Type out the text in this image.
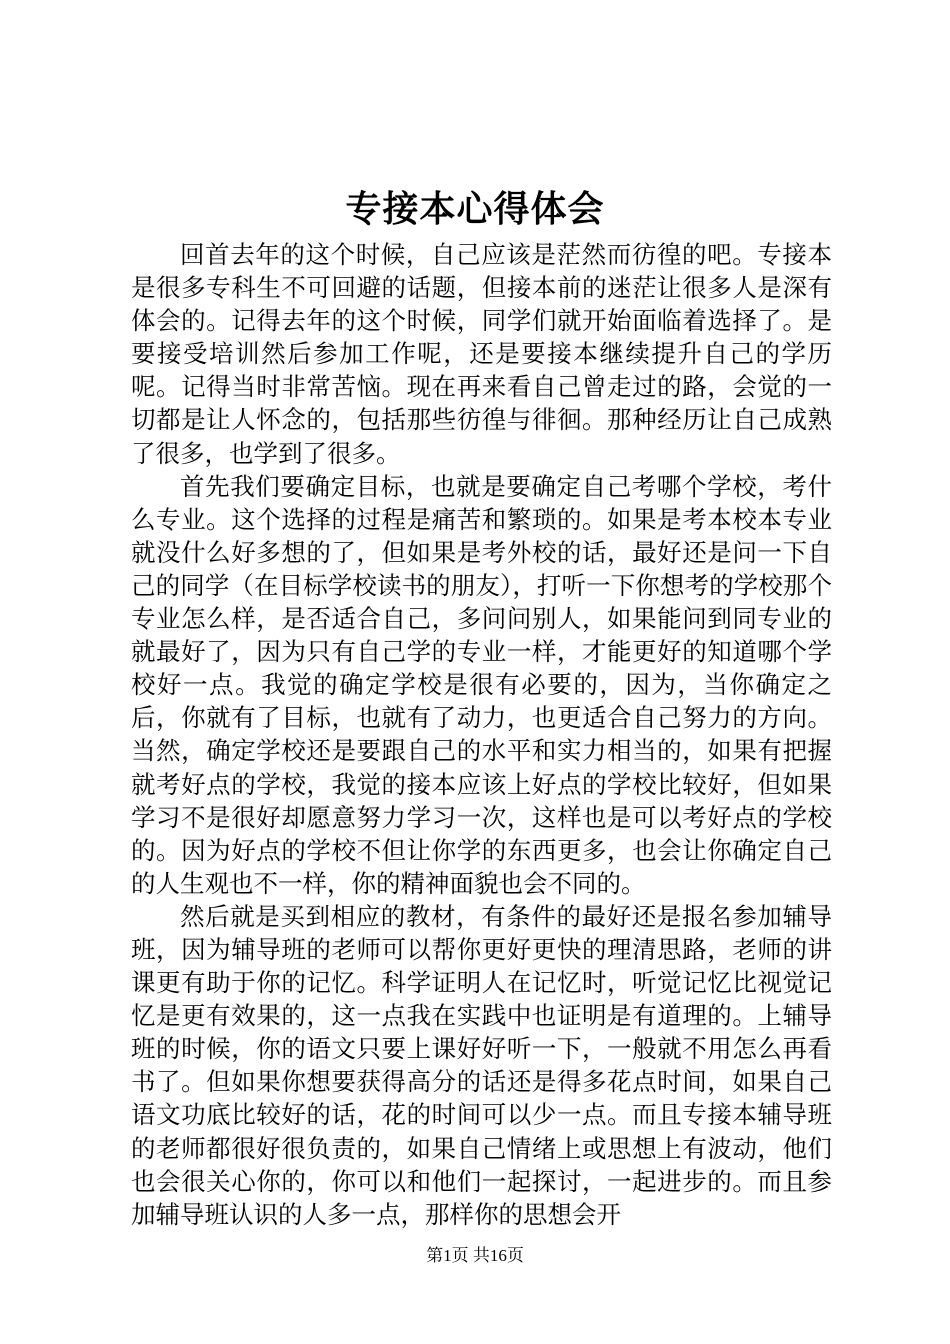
专接本心得体会

回首去年的这个时候，自己应该是茫然而彷徨的吧。专接本是很多专科生不可回避的话题，但接本前的迷茫让很多人是深有体会的。记得去年的这个时候，同学们就开始面临着选择了。是要接受培训然后参加工作呢，还是要接本继续提升自己的学历呢。记得当时非常苦恼。现在再来看自己曾走过的路，会觉的一切都是让人怀念的，包括那些彷徨与徘徊。那种经历让自己成熟了很多，也学到了很多。

首先我们要确定目标，也就是要确定自己考哪个学校，考什么专业。这个选择的过程是痛苦和繁琐的。如果是考本校本专业就没什么好多想的了，但如果是考外校的话，最好还是问一下自己的同学（在目标学校读书的朋友），打听一下你想考的学校那个专业怎么样，是否适合自己，多问问别人，如果能问到同专业的就最好了，因为只有自己学的专业一样，才能更好的知道哪个学校好一点。我觉的确定学校是很有必要的，因为，当你确定之后，你就有了目标，也就有了动力，也更适合自己努力的方向。当然，确定学校还是要跟自己的水平和实力相当的，如果有把握就考好点的学校，我觉的接本应该上好点的学校比较好，但如果学习不是很好却愿意努力学习一次，这样也是可以考好点的学校的。因为好点的学校不但让你学的东西更多，也会让你确定自己的人生观也不一样，你的精神面貌也会不同的。

然后就是买到相应的教材，有条件的最好还是报名参加辅导班，因为辅导班的老师可以帮你更好更快的理清思路，老师的讲课更有助于你的记忆。科学证明人在记忆时，听觉记忆比视觉记忆是更有效果的，这一点我在实践中也证明是有道理的。上辅导班的时候，你的语文只要上课好好听一下，一般就不用怎么再看书了。但如果你想要获得高分的话还是得多花点时间，如果自己语文功底比较好的话，花的时间可以少一点。而且专接本辅导班的老师都很好很负责的，如果自己情绪上或思想上有波动，他们也会很关心你的，你可以和他们一起探讨，一起进步的。而且参加辅导班认识的人多一点，那样你的思想会开

第1页 共16页
